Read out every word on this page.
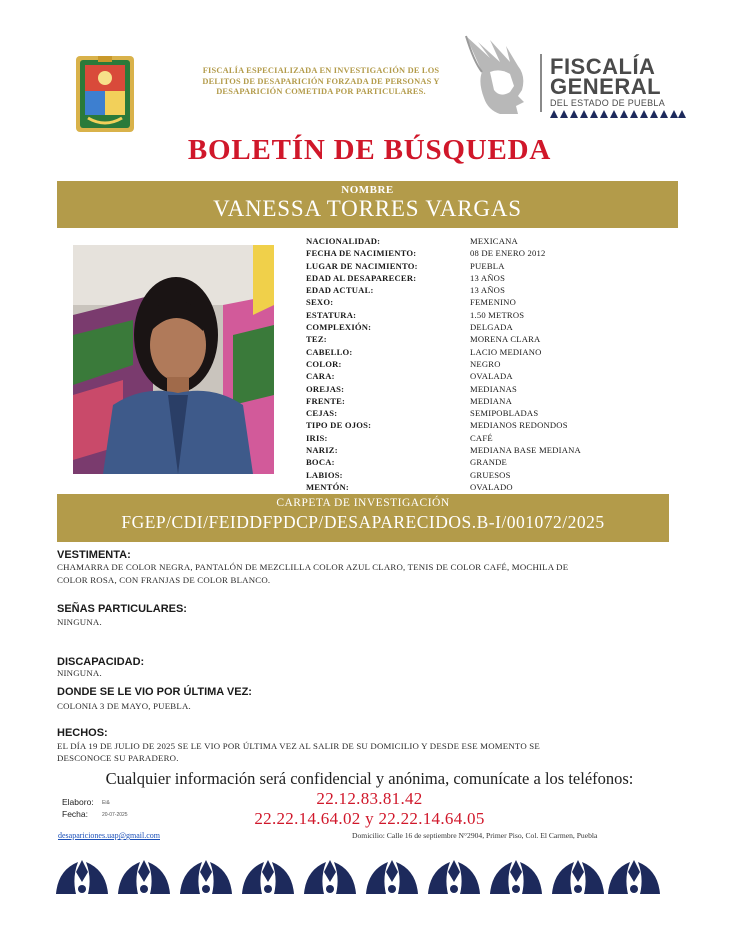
FISCALÍA ESPECIALIZADA EN INVESTIGACIÓN DE LOS DELITOS DE DESAPARICIÓN FORZADA DE PERSONAS Y DESAPARICIÓN COMETIDA POR PARTICULARES.
FISCALÍA
GENERAL
DEL ESTADO DE PUEBLA
BOLETÍN DE BÚSQUEDA
NOMBRE
VANESSA TORRES VARGAS
NACIONALIDAD:	MEXICANA
FECHA DE NACIMIENTO:	08 DE ENERO 2012
LUGAR DE NACIMIENTO:	PUEBLA
EDAD AL DESAPARECER:	13 AÑOS
EDAD ACTUAL:	13 AÑOS
SEXO:	FEMENINO
ESTATURA:	1.50 METROS
COMPLEXIÓN:	DELGADA
TEZ:	MORENA CLARA
CABELLO:	LACIO MEDIANO
COLOR:	NEGRO
CARA:	OVALADA
OREJAS:	MEDIANAS
FRENTE:	MEDIANA
CEJAS:	SEMIPOBLADAS
TIPO DE OJOS:	MEDIANOS REDONDOS
IRIS:	CAFÉ
NARIZ:	MEDIANA BASE MEDIANA
BOCA:	GRANDE
LABIOS:	GRUESOS
MENTÓN:	OVALADO
CARPETA DE INVESTIGACIÓN
FGEP/CDI/FEIDDFPDCP/DESAPARECIDOS.B-I/001072/2025
VESTIMENTA:
CHAMARRA DE COLOR NEGRA, PANTALÓN DE MEZCLILLA COLOR AZUL CLARO, TENIS DE COLOR CAFÉ, MOCHILA DE
COLOR ROSA, CON FRANJAS DE COLOR BLANCO.
SEÑAS PARTICULARES:
NINGUNA.
DISCAPACIDAD:
NINGUNA.
DONDE SE LE VIO POR ÚLTIMA VEZ:
COLONIA 3 DE MAYO, PUEBLA.
HECHOS:
EL DÍA 19 DE JULIO DE 2025 SE LE VIO POR ÚLTIMA VEZ AL SALIR DE SU DOMICILIO Y DESDE ESE MOMENTO SE
DESCONOCE SU PARADERO.
Cualquier información será confidencial y anónima, comunícate a los teléfonos:
22.12.83.81.42
22.22.14.64.02 y 22.22.14.64.05
Elaboro: Ei&
Fecha:	20-07-2025
desapariciones.uap@gmail.com	Domicilio: Calle 16 de septiembre N°2904, Primer Piso, Col. El Carmen, Puebla
